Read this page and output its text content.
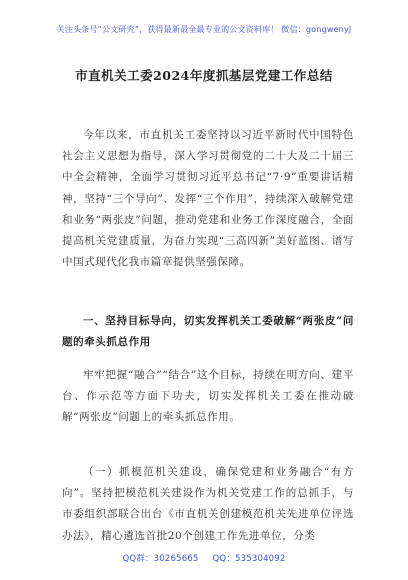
关注头条号“公文研究”，获得最新最全最专业的公文资料库！ 微信：gongwenyj
市直机关工委2024年度抓基层党建工作总结
今年以来，市直机关工委坚持以习近平新时代中国特色社会主义思想为指导，深入学习贯彻党的二十大及二十届三中全会精神，全面学习贯彻习近平总书记“7·9”重要讲话精神，坚持“三个导向”、发挥“三个作用”，持续深入破解党建和业务“两张皮”问题，推动党建和业务工作深度融合，全面提高机关党建质量，为奋力实现“三高四新”美好蓝图、谱写中国式现代化我市篇章提供坚强保障。
一、坚持目标导向，切实发挥机关工委破解“两张皮”问题的牵头抓总作用
牢牢把握“融合”“结合”这个目标，持续在明方向、建平台、作示范等方面下功夫，切实发挥机关工委在推动破解“两张皮”问题上的牵头抓总作用。
（一）抓模范机关建设，确保党建和业务融合“有方向”。坚持把模范机关建设作为机关党建工作的总抓手，与市委组织部联合出台《市直机关创建模范机关先进单位评选办法》，精心遴选首批20个创建工作先进单位，分类
QQ群：30265665 QQ：535304092
